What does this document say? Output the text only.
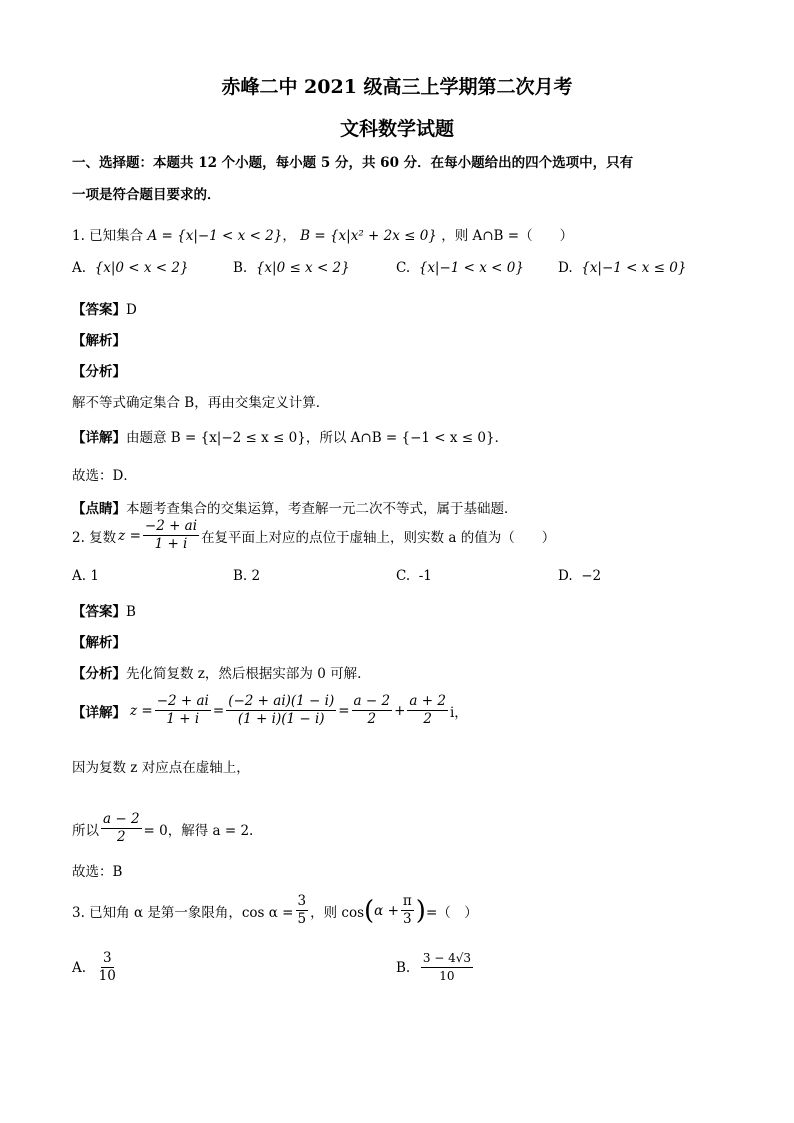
赤峰二中 2021 级高三上学期第二次月考
文科数学试题
一、选择题：本题共 12 个小题，每小题 5 分，共 60 分．在每小题给出的四个选项中，只有
一项是符合题目要求的．
1. 已知集合 A = {x|−1 < x < 2}， B = {x|x² + 2x ≤ 0} ，则 A∩B =（　　）
A. {x|0 < x < 2}	B. {x|0 ≤ x < 2}	C. {x|−1 < x < 0}	D. {x|−1 < x ≤ 0}
【答案】D
【解析】
【分析】
解不等式确定集合 B，再由交集定义计算．
【详解】由题意 B = {x|−2 ≤ x ≤ 0}，所以 A∩B = {−1 < x ≤ 0}．
故选：D．
【点睛】本题考查集合的交集运算，考查解一元二次不等式，属于基础题．
2. 复数 $z = \frac{-2 + ai}{1 + i}$ 在复平面上对应的点位于虚轴上，则实数 a 的值为（　　）
A. 1	B. 2	C. -1	D. −2
【答案】B
【解析】
【分析】先化简复数 z，然后根据实部为 0 可解.
【详解】 $z = \frac{-2 + ai}{1 + i} = \frac{(-2 + ai)(1 - i)}{(1 + i)(1 - i)} = \frac{a - 2}{2} + \frac{a + 2}{2}$ i，
因为复数 z 对应点在虚轴上，
所以 $\frac{a - 2}{2} = 0$，解得 a = 2.
故选：B
3. 已知角 α 是第一象限角，$\cos \alpha = \frac{3}{5}$ ，则 cos ( $\alpha + \frac{\pi}{3}$ ) =（　）
A.
$\frac{3}{10}$	B.
$\frac{3 - 4√3}{10}$
